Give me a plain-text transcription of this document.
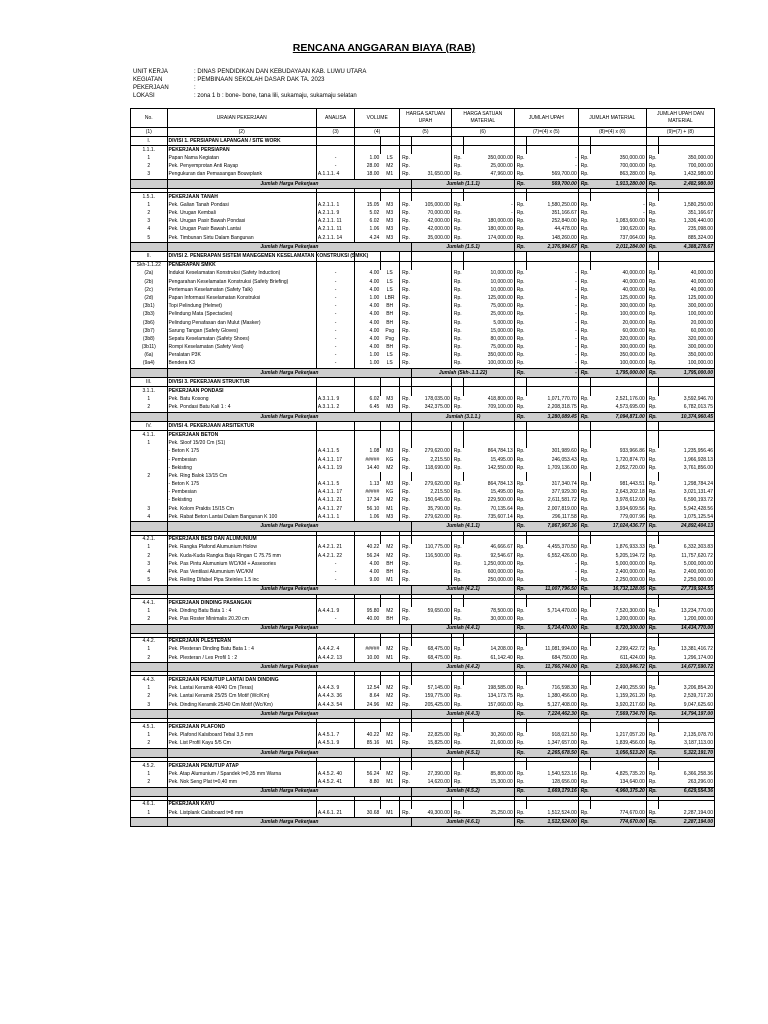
RENCANA ANGGARAN BIAYA (RAB)
UNIT KERJA	: DINAS PENDIDIKAN DAN KEBUDAYAAN KAB. LUWU UTARA
KEGIATAN	: PEMBINAAN SEKOLAH DASAR DAK TA. 2023
PEKERJAAN	:
LOKASI	: zona 1 b : bone- bone, tana lili, sukamaju, sukamaju selatan
No.	URAIAN PEKERJAAN	ANALISA	VOLUME		HARGA SATUAN UPAH		HARGA SATUAN MATERIAL		JUMLAH UPAH		JUMLAH MATERIAL		JUMLAH UPAH DAN MATERIAL	
(1)	(2)	(3)	(4)		(5)		(6)		(7)=(4) x (5)		(8)=(4) x (6)		(9)=(7) + (8)	
I.	DIVISI 1. PERSIAPAN LAPANGAN / SITE WORK													
1.1.1.	PEKERJAAN PERSIAPAN													
1	Papan Nama Kegiatan	-	1.00	LS	Rp.		Rp.	350,000.00	Rp.	-	Rp.	350,000.00	Rp.	350,000.00
2	Pek. Penyemprotan Anti Rayap	-	28.00	M2	Rp.		Rp.	25,000.00	Rp.	-	Rp.	700,000.00	Rp.	700,000.00
3	Pengukuran dan Pemasangan Bouwplank	A.1.1.1. 4	18.00	M1	Rp.	31,650.00	Rp.	47,960.00	Rp.	569,700.00	Rp.	863,280.00	Rp.	1,432,980.00
	Jumlah Harga Pekerjaan					Jumlah (1.1.1)			Rp.	569,700.00	Rp.	1,913,280.00	Rp.	2,482,980.00

1.5.1.	PEKERJAAN TANAH													
1	Pek. Galian Tanah Pondasi	A.2.1.1. 1	15.05	M3	Rp.	105,000.00	Rp.	-	Rp.	1,580,250.00	Rp.	-	Rp.	1,580,250.00
2	Pek. Urugan Kembali	A.2.1.1. 9	5.02	M3	Rp.	70,000.00	Rp.	-	Rp.	351,166.67	Rp.	-	Rp.	351,166.67
3	Pek. Urugan Pasir Bawah Pondasi	A.2.1.1. 11	6.02	M3	Rp.	42,000.00	Rp.	180,000.00	Rp.	252,840.00	Rp.	1,083,600.00	Rp.	1,336,440.00
4	Pek. Urugan Pasir Bawah Lantai	A.2.1.1. 11	1.06	M3	Rp.	42,000.00	Rp.	180,000.00	Rp.	44,478.00	Rp.	190,620.00	Rp.	235,098.00
5	Pek. Timbunan Sirtu Dalam Bangunan	A.2.1.1. 14	4.24	M3	Rp.	35,000.00	Rp.	174,000.00	Rp.	148,260.00	Rp.	737,064.00	Rp.	885,324.00
	Jumlah Harga Pekerjaan					Jumlah (1.5.1)			Rp.	2,376,994.67	Rp.	2,011,284.00	Rp.	4,388,278.67
II.	DIVISI 2. PENERAPAN SISTEM MANEGEMEN KESELAMATAN KONSTRUKSI (SMKK)													
Skh-1.1.22	PENERAPAN SMKK													
(2a)	Induksi Keselamatan Konstruksi (Safety Induction)	-	4.00	LS	Rp.		Rp.	10,000.00	Rp.	-	Rp.	40,000.00	Rp.	40,000.00
(2b)	Pengarahan Keselamatan Konstruksi (Safety Briefing)	-	4.00	LS	Rp.		Rp.	10,000.00	Rp.	-	Rp.	40,000.00	Rp.	40,000.00
(2c)	Pertemuan Keselamatan (Safety Talk)	-	4.00	LS	Rp.		Rp.	10,000.00	Rp.	-	Rp.	40,000.00	Rp.	40,000.00
(2d)	Papan Informasi Keselamatan Konstruksi	-	1.00	LBR	Rp.		Rp.	125,000.00	Rp.	-	Rp.	125,000.00	Rp.	125,000.00
(3b1)	Topi Pelindung (Helmet)	-	4.00	BH	Rp.		Rp.	75,000.00	Rp.	-	Rp.	300,000.00	Rp.	300,000.00
(3b3)	Pelindung Mata (Spectacles)	-	4.00	BH	Rp.		Rp.	25,000.00	Rp.	-	Rp.	100,000.00	Rp.	100,000.00
(3b6)	Pelindung Penafasan dan Mulut (Masker)	-	4.00	BH	Rp.		Rp.	5,000.00	Rp.	-	Rp.	20,000.00	Rp.	20,000.00
(3b7)	Sarung Tangan (Safety Gloves)	-	4.00	Psg	Rp.		Rp.	15,000.00	Rp.	-	Rp.	60,000.00	Rp.	60,000.00
(3b8)	Sepatu Keselamatan (Safety Shoes)	-	4.00	Psg	Rp.		Rp.	80,000.00	Rp.	-	Rp.	320,000.00	Rp.	320,000.00
(3b11)	Rompi Keselamatan (Safety Vest)	-	4.00	BH	Rp.		Rp.	75,000.00	Rp.	-	Rp.	300,000.00	Rp.	300,000.00
(6a)	Peralatan P3K	-	1.00	LS	Rp.		Rp.	350,000.00	Rp.	-	Rp.	350,000.00	Rp.	350,000.00
(9a4)	Bendera K3	-	1.00	LS	Rp.		Rp.	100,000.00	Rp.	-	Rp.	100,000.00	Rp.	100,000.00
	Jumlah Harga Pekerjaan					Jumlah (Skh-.1.1.22)			Rp.	-	Rp.	1,795,000.00	Rp.	1,795,000.00
III.	DIVISI 3. PEKERJAAN STRUKTUR													
3.1.1.	PEKERJAAN PONDASI													
1	Pek. Batu Kosong	A.3.1.1. 9	6.02	M3	Rp.	178,035.00	Rp.	418,800.00	Rp.	1,071,770.70	Rp.	2,521,176.00	Rp.	3,592,946.70
2	Pek. Pondasi Batu Kali 1 : 4	A.3.1.1. 2	6.45	M3	Rp.	342,375.00	Rp.	709,100.00	Rp.	2,208,318.75	Rp.	4,573,695.00	Rp.	6,782,013.75
	Jumlah Harga Pekerjaan					Jumlah (3.1.1.)			Rp.	3,280,089.45	Rp.	7,094,871.00	Rp.	10,374,960.45
IV.	DIVISI 4. PEKERJAAN ARSITEKTUR													
4.1.1.	PEKERJAAN BETON													
1	Pek. Sloof 15/20 Cm (S1)													
	- Beton K 175	A.4.1.1. 5	1.08	M3	Rp.	279,620.00	Rp.	864,784.13	Rp.	301,989.60	Rp.	933,966.86	Rp.	1,235,956.46
	- Pembesian	A.4.1.1. 17	#####	KG	Rp.	2,215.50	Rp.	15,495.00	Rp.	246,053.43	Rp.	1,720,874.70	Rp.	1,966,928.13
	- Bekisting	A.4.1.1. 19	14.40	M2	Rp.	118,690.00	Rp.	142,550.00	Rp.	1,709,136.00	Rp.	2,052,720.00	Rp.	3,761,856.00
2	Pek. Ring Balok 13/15 Cm													
	- Beton K 175	A.4.1.1. 5	1.13	M3	Rp.	279,620.00	Rp.	864,784.13	Rp.	317,340.74	Rp.	981,443.51	Rp.	1,298,784.24
	- Pembesian	A.4.1.1. 17	#####	KG	Rp.	2,215.50	Rp.	15,495.00	Rp.	377,929.30	Rp.	2,643,202.18	Rp.	3,021,131.47
	- Bekisting	A.4.1.1. 21	17.34	M2	Rp.	150,645.00	Rp.	229,500.00	Rp.	2,611,581.72	Rp.	3,978,612.00	Rp.	6,590,193.72
3	Pek. Kolom Praktis 15/15 Cm	A.4.1.1. 27	56.10	M1	Rp.	35,790.00	Rp.	70,135.64	Rp.	2,007,819.00	Rp.	3,934,609.56	Rp.	5,942,428.56
4	Pek. Rabat Beton Lantai Dalam Bangunan K 100	A.4.1.1. 1	1.06	M3	Rp.	279,620.00	Rp.	735,607.14	Rp.	296,117.58	Rp.	779,007.96	Rp.	1,075,125.54
	Jumlah Harga Pekerjaan					Jumlah (4.1.1)			Rp.	7,867,967.36	Rp.	17,024,436.77	Rp.	24,892,404.13

4.2.1.	PEKERJAAN BESI DAN ALUMUNIUM													
1	Pek. Rangka Plafond Alumunium Holow	A.4.2.1. 21	40.22	M2	Rp.	110,775.00	Rp.	46,666.67	Rp.	4,455,370.50	Rp.	1,876,933.33	Rp.	6,332,303.83
2	Pek. Kuda-Kuda Rangka Baja Ringan C 75.75 mm	A.4.2.1. 22	56.24	M2	Rp.	116,500.00	Rp.	92,546.67	Rp.	6,552,426.00	Rp.	5,205,194.72	Rp.	11,757,620.72
3	Pek. Pas Pintu Alumunium WC/KM + Assesories	-	4.00	BH	Rp.		Rp.	1,250,000.00	Rp.	-	Rp.	5,000,000.00	Rp.	5,000,000.00
4	Pek. Pas Ventilasi Alumunium WC/KM	-	4.00	BH	Rp.		Rp.	600,000.00	Rp.	-	Rp.	2,400,000.00	Rp.	2,400,000.00
5	Pek. Reiling Difabel Pipa Steinles 1.5 inc	-	9.00	M1	Rp.		Rp.	250,000.00	Rp.	-	Rp.	2,250,000.00	Rp.	2,250,000.00
	Jumlah Harga Pekerjaan					Jumlah (4.2.1)			Rp.	11,007,796.50	Rp.	16,732,128.05	Rp.	27,739,924.55

4.4.1.	PEKERJAAN DINDING PASANGAN													
1	Pek. Dinding Batu Bata 1 : 4	A.4.4.1. 9	95.80	M2	Rp.	59,650.00	Rp.	78,500.00	Rp.	5,714,470.00	Rp.	7,520,300.00	Rp.	13,234,770.00
2	Pek. Pas Roster Minimalis 20.20 cm	-	40.00	BH	Rp.		Rp.	30,000.00	Rp.	-	Rp.	1,200,000.00	Rp.	1,200,000.00
	Jumlah Harga Pekerjaan					Jumlah (4.4.1)			Rp.	5,714,470.00	Rp.	8,720,300.00	Rp.	14,434,770.00

4.4.2.	PEKERJAAN PLESTERAN													
1	Pek. Plesteran Dinding Batu Bata 1 : 4	A.4.4.2. 4	#####	M2	Rp.	68,475.00	Rp.	14,208.00	Rp.	11,081,994.00	Rp.	2,299,422.72	Rp.	13,381,416.72
2	Pek. Plesteran / Les Profil 1 : 2	A.4.4.2. 13	10.00	M1	Rp.	68,475.00	Rp.	61,142.40	Rp.	684,750.00	Rp.	611,424.00	Rp.	1,296,174.00
	Jumlah Harga Pekerjaan					Jumlah (4.4.2)			Rp.	11,766,744.00	Rp.	2,910,846.72	Rp.	14,677,590.72

4.4.3.	PEKERJAAN PENUTUP LANTAI DAN DINDING													
1	Pek. Lantai Keramik 40/40 Cm (Teras)	A.4.4.3. 9	12.54	M2	Rp.	57,145.00	Rp.	198,585.00	Rp.	716,598.30	Rp.	2,490,255.90	Rp.	3,206,854.20
2	Pek. Lantai Keramik 25/25 Cm Motif (Wc/Km)	A.4.4.3. 36	8.64	M2	Rp.	159,775.00	Rp.	134,173.75	Rp.	1,380,456.00	Rp.	1,159,261.20	Rp.	2,539,717.20
3	Pek. Dinding Keramik 25/40 Cm Motif (Wc/Km)	A.4.4.3. 54	24.96	M2	Rp.	205,425.00	Rp.	157,060.00	Rp.	5,127,408.00	Rp.	3,920,217.60	Rp.	9,047,625.60
	Jumlah Harga Pekerjaan					Jumlah (4.4.3)			Rp.	7,224,462.30	Rp.	7,569,734.70	Rp.	14,794,197.00

4.5.1.	PEKERJAAN PLAFOND													
1	Pek. Plafond Kalsiboard Tebal 3,5 mm	A.4.5.1. 7	40.22	M2	Rp.	22,825.00	Rp.	30,260.00	Rp.	918,021.50	Rp.	1,217,057.20	Rp.	2,135,078.70
2	Pek. List Profil Kayu 5/5 Cm	A.4.5.1. 9	85.16	M1	Rp.	15,825.00	Rp.	21,600.00	Rp.	1,347,657.00	Rp.	1,839,456.00	Rp.	3,187,113.00
	Jumlah Harga Pekerjaan					Jumlah (4.5.1)			Rp.	2,265,678.50	Rp.	3,056,513.20	Rp.	5,322,191.70

4.5.2.	PEKERJAAN PENUTUP ATAP													
1	Pek. Atap Alumunium / Spandek t=0,35 mm Warna	A.4.5.2. 40	56.24	M2	Rp.	27,390.00	Rp.	85,800.00	Rp.	1,540,523.16	Rp.	4,825,735.20	Rp.	6,366,258.36
2	Pek. Nok Seng Plat t=0,40 mm	A.4.5.2. 41	8.80	M1	Rp.	14,620.00	Rp.	15,300.00	Rp.	128,656.00	Rp.	134,640.00	Rp.	263,296.00
	Jumlah Harga Pekerjaan					Jumlah (4.5.2)			Rp.	1,669,179.16	Rp.	4,960,375.20	Rp.	6,629,554.36

4.6.1.	PEKERJAAN KAYU													
1	Pek. Listplank Calsiboard t=8 mm	A.4.6.1. 21	30.68	M1	Rp.	49,300.00	Rp.	25,250.00	Rp.	1,512,524.00	Rp.	774,670.00	Rp.	2,287,194.00
	Jumlah Harga Pekerjaan					Jumlah (4.6.1)			Rp.	1,512,524.00	Rp.	774,670.00	Rp.	2,287,194.00
